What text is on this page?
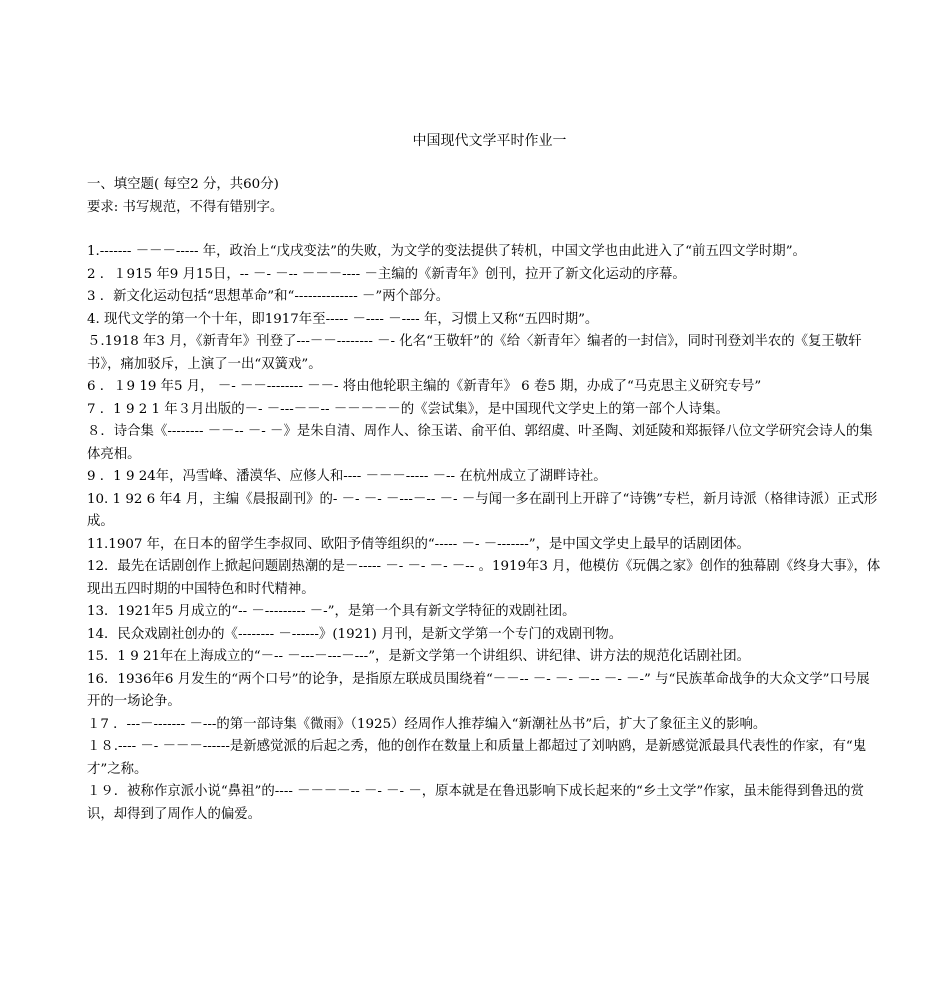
中国现代文学平时作业一

一、填空题( 每空2 分，共60分)

要求: 书写规范，不得有错别字。

1.------- －－－----- 年，政治上“戊戌变法”的失败，为文学的变法提供了转机，中国文学也由此进入了“前五四文学时期”。

2 ．１915 年9 月15日，-- －- －-- －－－---- －主编的《新青年》创刊，拉开了新文化运动的序幕。

3 ．新文化运动包括“思想革命”和“-------------- －”两个部分。

4. 现代文学的第一个十年，即1917年至----- －---- －---- 年，习惯上又称“五四时期”。

５.1918 年3 月，《新青年》刊登了---－－-------- －- 化名“王敬轩”的《给〈新青年〉编者的一封信》，同时刊登刘半农的《复王敬轩书》，痛加驳斥，上演了一出“双簧戏”。

6 ．１9 19 年5 月， －- －－-------- －－- 将由他轮职主编的《新青年》 6 卷5 期，办成了“马克思主义研究专号”

7 ．1 9 2 1 年３月出版的－- －---－－-- －－－－－的《尝试集》，是中国现代文学史上的第一部个人诗集。

８．诗合集《-------- －－-- －- －》是朱自清、周作人、徐玉诺、俞平伯、郭绍虞、叶圣陶、刘延陵和郑振铎八位文学研究会诗人的集体亮相。

9 ．1 9 24年，冯雪峰、潘漠华、应修人和---- －－－----- －-- 在杭州成立了湖畔诗社。

10. 1 92 6 年4 月，主编《晨报副刊》的- －- －- －---－-- －- －与闻一多在副刊上开辟了“诗镌”专栏，新月诗派（格律诗派）正式形成。

11.1907 年，在日本的留学生李叔同、欧阳予倩等组织的“----- －- －-------”，是中国文学史上最早的话剧团体。

12．最先在话剧创作上掀起问题剧热潮的是－----- －- －- －- －-- 。1919年3 月，他模仿《玩偶之家》创作的独幕剧《终身大事》，体现出五四时期的中国特色和时代精神。

13．1921年5 月成立的“-- －--------- －-”，是第一个具有新文学特征的戏剧社团。

14．民众戏剧社创办的《-------- －------》(1921) 月刊，是新文学第一个专门的戏剧刊物。

15．1 9 21年在上海成立的“－-- －---－---－---”，是新文学第一个讲组织、讲纪律、讲方法的规范化话剧社团。

16．1936年6 月发生的“两个口号”的论争，是指原左联成员围绕着“－－-- －- －- －-- －- －-” 与“民族革命战争的大众文学”口号展开的一场论争。

１7 ．---－------- －---的第一部诗集《微雨》（1925）经周作人推荐编入“新潮社丛书”后，扩大了象征主义的影响。

１８.---- －- －－－------是新感觉派的后起之秀，他的创作在数量上和质量上都超过了刘呐鸥，是新感觉派最具代表性的作家，有“鬼才”之称。

１９．被称作京派小说“鼻祖”的---- －－－－-- －- －- －，原本就是在鲁迅影响下成长起来的“乡土文学”作家，虽未能得到鲁迅的赏识，却得到了周作人的偏爱。
